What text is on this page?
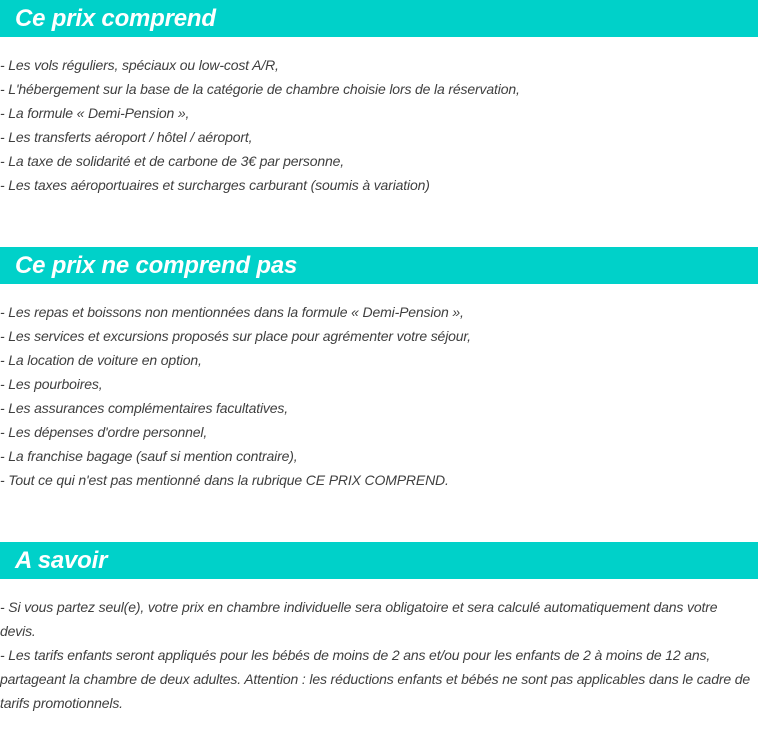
Ce prix comprend

- Les vols réguliers, spéciaux ou low-cost A/R,

- L'hébergement sur la base de la catégorie de chambre choisie lors de la réservation,

- La formule « Demi-Pension »,

- Les transferts aéroport / hôtel / aéroport,

- La taxe de solidarité et de carbone de 3€ par personne,

- Les taxes aéroportuaires et surcharges carburant (soumis à variation)

Ce prix ne comprend pas

- Les repas et boissons non mentionnées dans la formule « Demi-Pension »,

- Les services et excursions proposés sur place pour agrémenter votre séjour,

- La location de voiture en option,

- Les pourboires,

- Les assurances complémentaires facultatives,

- Les dépenses d'ordre personnel,

- La franchise bagage (sauf si mention contraire),

- Tout ce qui n'est pas mentionné dans la rubrique CE PRIX COMPREND.

A savoir

- Si vous partez seul(e), votre prix en chambre individuelle sera obligatoire et sera calculé automatiquement dans votre devis.

- Les tarifs enfants seront appliqués pour les bébés de moins de 2 ans et/ou pour les enfants de 2 à moins de 12 ans, partageant la chambre de deux adultes. Attention : les réductions enfants et bébés ne sont pas applicables dans le cadre de tarifs promotionnels.
